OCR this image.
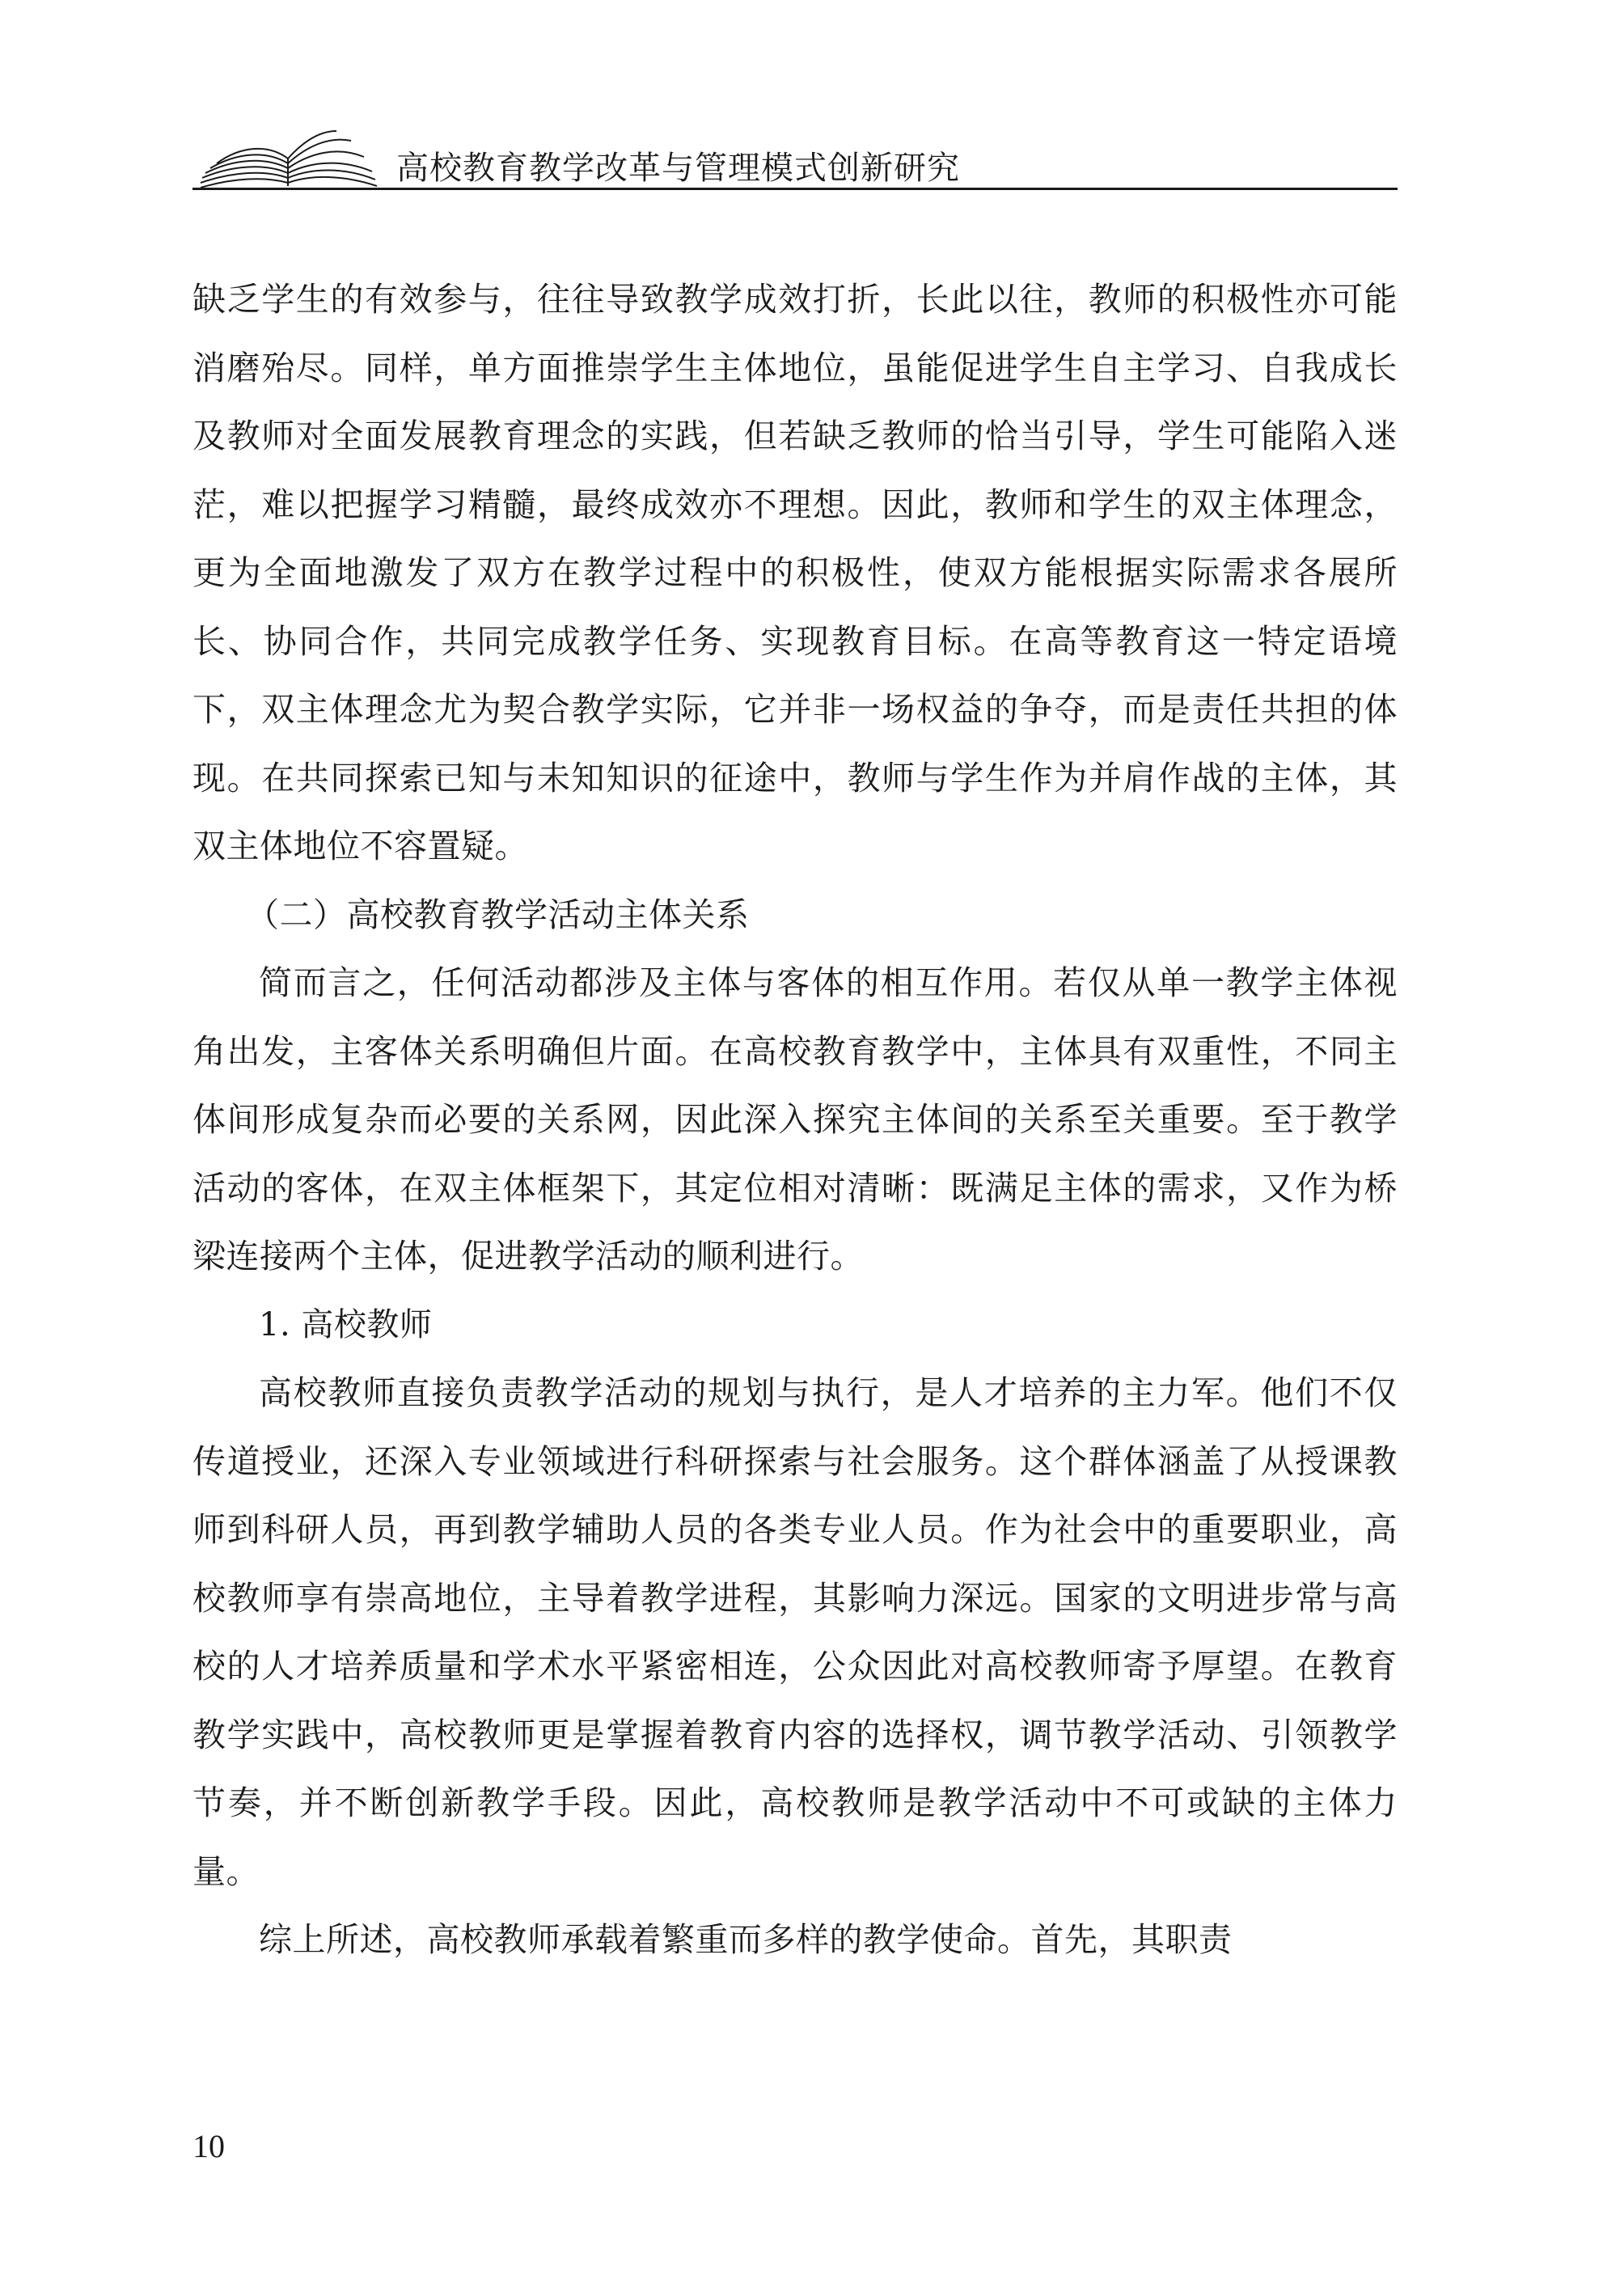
高校教育教学改革与管理模式创新研究

缺乏学生的有效参与，往往导致教学成效打折，长此以往，教师的积极性亦可能消磨殆尽。同样，单方面推崇学生主体地位，虽能促进学生自主学习、自我成长及教师对全面发展教育理念的实践，但若缺乏教师的恰当引导，学生可能陷入迷茫，难以把握学习精髓，最终成效亦不理想。因此，教师和学生的双主体理念，更为全面地激发了双方在教学过程中的积极性，使双方能根据实际需求各展所长、协同合作，共同完成教学任务、实现教育目标。在高等教育这一特定语境下，双主体理念尤为契合教学实际，它并非一场权益的争夺，而是责任共担的体现。在共同探索已知与未知知识的征途中，教师与学生作为并肩作战的主体，其双主体地位不容置疑。

（二）高校教育教学活动主体关系

简而言之，任何活动都涉及主体与客体的相互作用。若仅从单一教学主体视角出发，主客体关系明确但片面。在高校教育教学中，主体具有双重性，不同主体间形成复杂而必要的关系网，因此深入探究主体间的关系至关重要。至于教学活动的客体，在双主体框架下，其定位相对清晰：既满足主体的需求，又作为桥梁连接两个主体，促进教学活动的顺利进行。

1. 高校教师

高校教师直接负责教学活动的规划与执行，是人才培养的主力军。他们不仅传道授业，还深入专业领域进行科研探索与社会服务。这个群体涵盖了从授课教师到科研人员，再到教学辅助人员的各类专业人员。作为社会中的重要职业，高校教师享有崇高地位，主导着教学进程，其影响力深远。国家的文明进步常与高校的人才培养质量和学术水平紧密相连，公众因此对高校教师寄予厚望。在教育教学实践中，高校教师更是掌握着教育内容的选择权，调节教学活动、引领教学节奏，并不断创新教学手段。因此，高校教师是教学活动中不可或缺的主体力量。

综上所述，高校教师承载着繁重而多样的教学使命。首先，其职责

10
